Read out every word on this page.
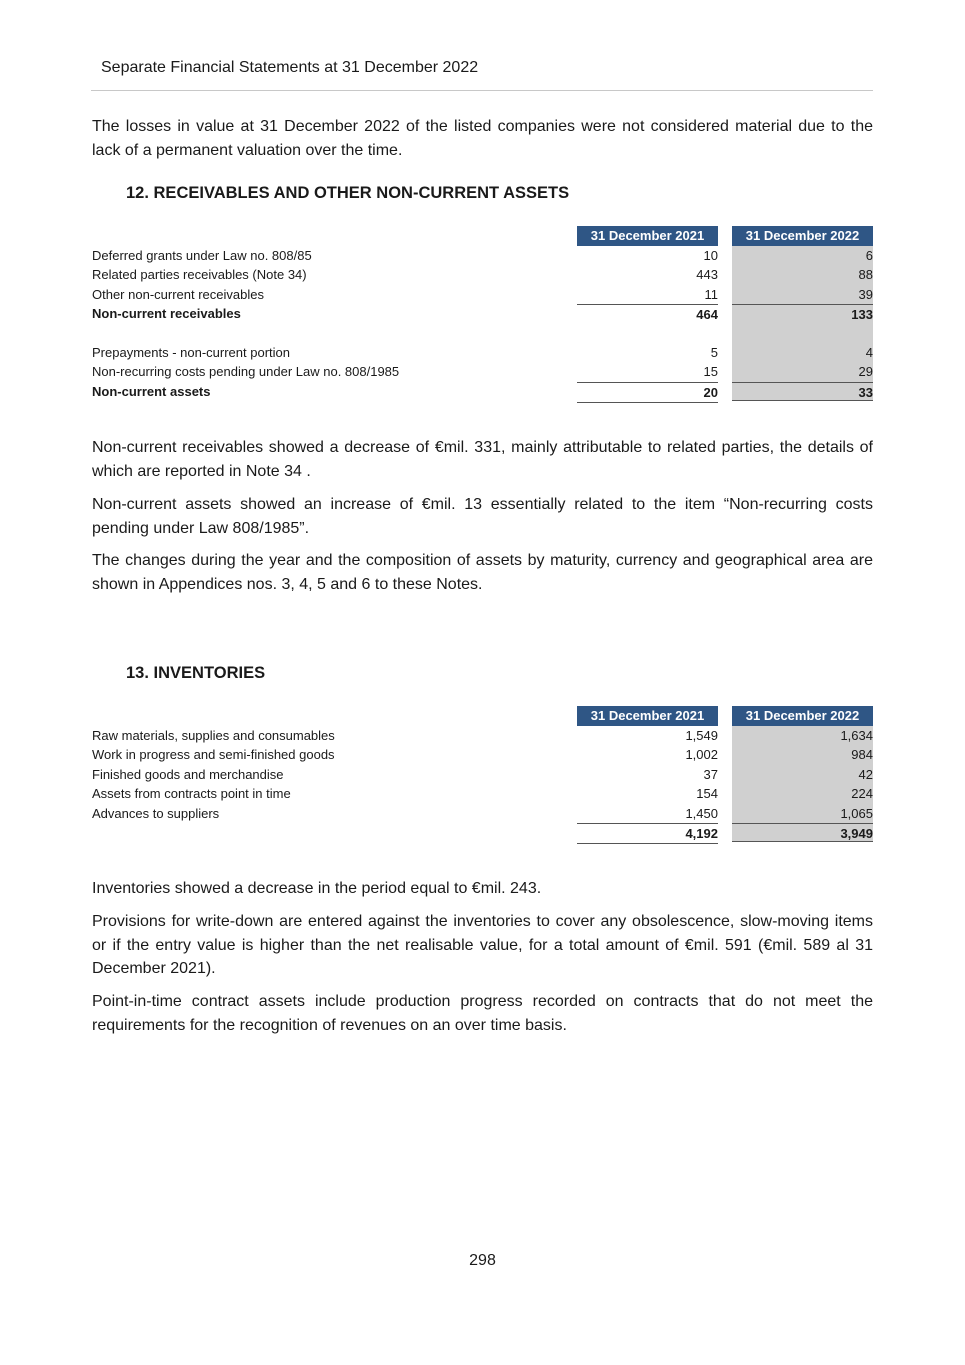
Separate Financial Statements at 31 December 2022

The losses in value at 31 December 2022 of the listed companies were not considered material due to the lack of a permanent valuation over the time.

12. RECEIVABLES AND OTHER NON-CURRENT ASSETS
31 December 2021	31 December 2022
Deferred grants under Law no. 808/85	10	6
Related parties receivables (Note 34)	443	88
Other non-current receivables	11	39
Non-current receivables	464	133
Prepayments - non-current portion	5	4
Non-recurring costs pending under Law no. 808/1985	15	29
Non-current assets	20	33

Non-current receivables showed a decrease of €mil. 331, mainly attributable to related parties, the details of which are reported in Note 34 .

Non-current assets showed an increase of €mil. 13 essentially related to the item “Non-recurring costs pending under Law 808/1985”.

The changes during the year and the composition of assets by maturity, currency and geographical area are shown in Appendices nos. 3, 4, 5 and 6 to these Notes.

13. INVENTORIES
31 December 2021	31 December 2022
Raw materials, supplies and consumables	1,549	1,634
Work in progress and semi-finished goods	1,002	984
Finished goods and merchandise	37	42
Assets from contracts point in time	154	224
Advances to suppliers	1,450	1,065
4,192	3,949

Inventories showed a decrease in the period equal to €mil. 243.

Provisions for write-down are entered against the inventories to cover any obsolescence, slow-moving items or if the entry value is higher than the net realisable value, for a total amount of €mil. 591 (€mil. 589 al 31 December 2021).

Point-in-time contract assets include production progress recorded on contracts that do not meet the requirements for the recognition of revenues on an over time basis.

298
